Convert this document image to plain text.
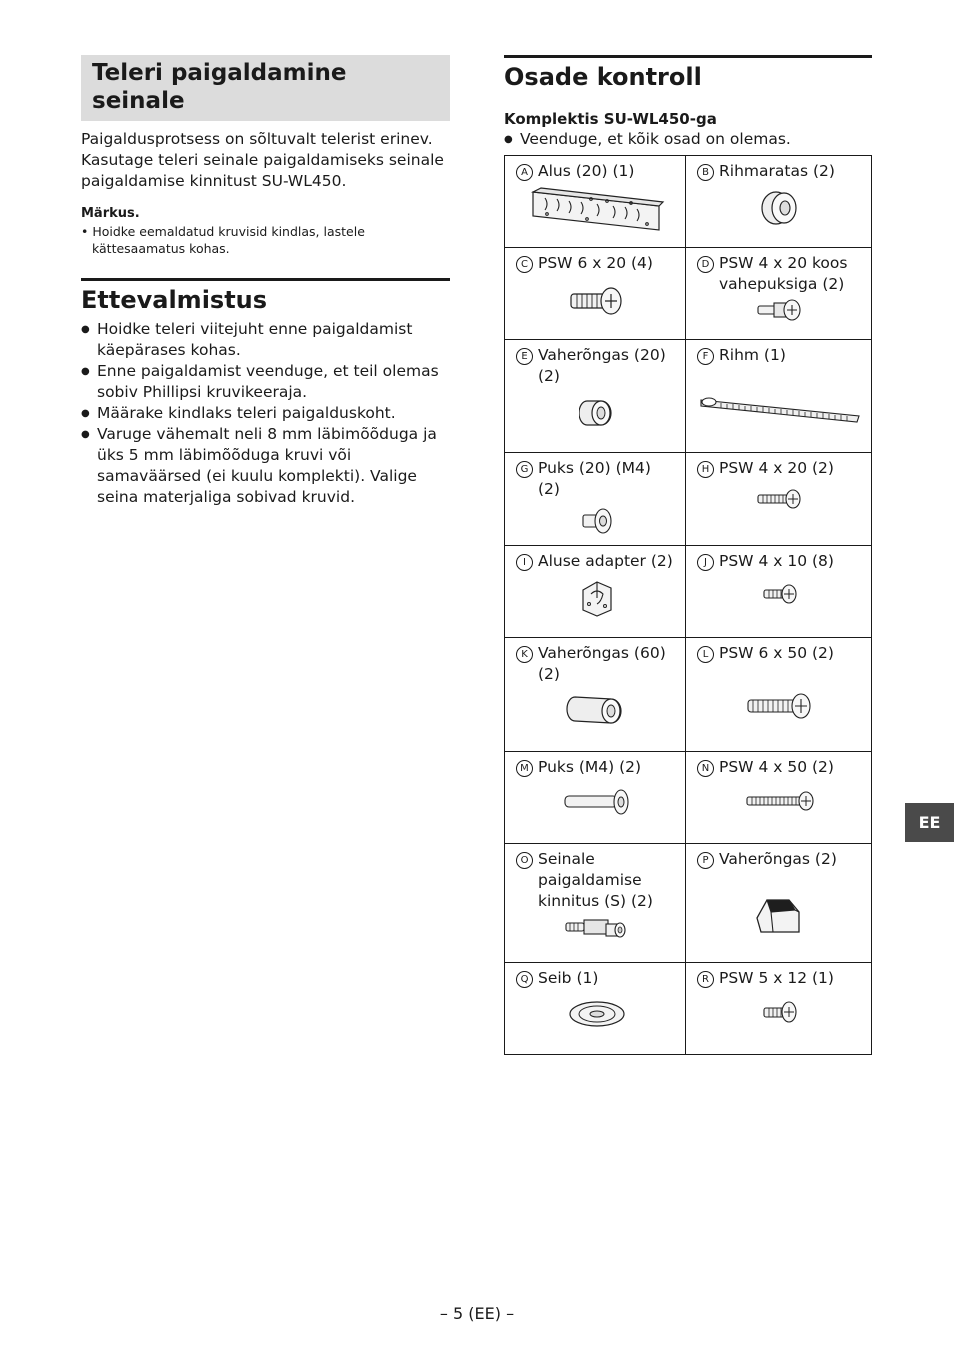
Teleri paigaldamine seinale

Paigaldusprotsess on sõltuvalt telerist erinev. Kasutage teleri seinale paigaldamiseks seinale paigaldamise kinnitust SU-WL450.

Märkus.
• Hoidke eemaldatud kruvisid kindlas, lastele kättesaamatus kohas.
Ettevalmistus
● Hoidke teleri viitejuht enne paigaldamist käepärases kohas.
● Enne paigaldamist veenduge, et teil olemas sobiv Phillipsi kruvikeeraja.
● Määrake kindlaks teleri paigalduskoht.
● Varuge vähemalt neli 8 mm läbimõõduga ja üks 5 mm läbimõõduga kruvi või samaväärsed (ei kuulu komplekti). Valige seina materjaliga sobivad kruvid.
Osade kontroll
Komplektis SU-WL450-ga
● Veenduge, et kõik osad on olemas.
A Alus (20) (1)	B Rihmaratas (2)

C PSW 6 x 20 (4)	D PSW 4 x 20 koos vahepuksiga (2)

E Vaherõngas (20) (2)	F Rihm (1)

G Puks (20) (M4) (2)	H PSW 4 x 20 (2)

I Aluse adapter (2)	J PSW 4 x 10 (8)

K Vaherõngas (60) (2)	L PSW 6 x 50 (2)

M Puks (M4) (2)	N PSW 4 x 50 (2)

O Seinale paigaldamise kinnitus (S) (2)	P Vaherõngas (2)

Q Seib (1)	R PSW 5 x 12 (1)
EE
– 5 (EE) –
